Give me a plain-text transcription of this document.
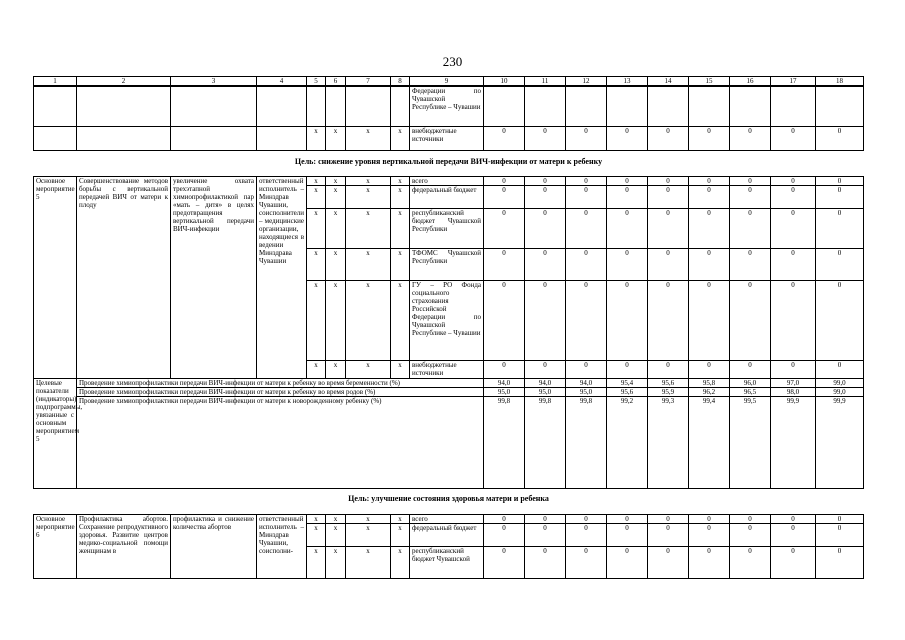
230
1	2	3	4	5	6	7	8	9	10	11	12	13	14	15	16	17	18
								Федерации по Чувашской Республике – Чувашии									
				x	x	x	x	внебюджетные источники	0	0	0	0	0	0	0	0	0
Цель: снижение уровня вертикальной передачи ВИЧ-инфекции от матери к ребенку
Основное мероприятие 5	Совершенствование методов борьбы с вертикальной передачей ВИЧ от матери к плоду	увеличение охвата трехэтапной химиопрофилактикой пар «мать – дитя» в целях предотвращения вертикальной передачи ВИЧ-инфекции	ответственный исполнитель – Минздрав Чувашии, соисполнители – медицинские организации, находящиеся в ведении Минздрава Чувашии	x	x	x	x	всего	0	0	0	0	0	0	0	0	0
				x	x	x	x	федеральный бюджет	0	0	0	0	0	0	0	0	0
				x	x	x	x	республиканский бюджет Чувашской Республики	0	0	0	0	0	0	0	0	0
				x	x	x	x	ТФОМС Чувашской Республики	0	0	0	0	0	0	0	0	0
				x	x	x	x	ГУ – РО Фонда социального страхования Российской Федерации по Чувашской Республике – Чувашии	0	0	0	0	0	0	0	0	0
				x	x	x	x	внебюджетные источники	0	0	0	0	0	0	0	0	0
Целевые показатели (индикаторы) подпрограммы, увязанные с основным мероприятием 5	Проведение химиопрофилактики передачи ВИЧ-инфекции от матери к ребенку во время беременности (%)	94,0	94,0	94,0	95,4	95,6	95,8	96,0	97,0	99,0
	Проведение химиопрофилактики передачи ВИЧ-инфекции от матери к ребенку во время родов (%)	95,0	95,0	95,0	95,6	95,9	96,2	96,5	98,0	99,0
	Проведение химиопрофилактики передачи ВИЧ-инфекции от матери к новорожденному ребенку (%)	99,8	99,8	99,8	99,2	99,3	99,4	99,5	99,9	99,9
Цель: улучшение состояния здоровья матери и ребенка
Основное мероприятие 6	Профилактика абортов. Сохранение репродуктивного здоровья. Развитие центров медико-социальной помощи женщинам в	профилактика и снижение количества абортов	ответственный исполнитель – Минздрав Чувашии, соисполни-	x	x	x	x	всего	0	0	0	0	0	0	0	0	0
				x	x	x	x	федеральный бюджет	0	0	0	0	0	0	0	0	0
				x	x	x	x	республиканский бюджет Чувашской	0	0	0	0	0	0	0	0	0
